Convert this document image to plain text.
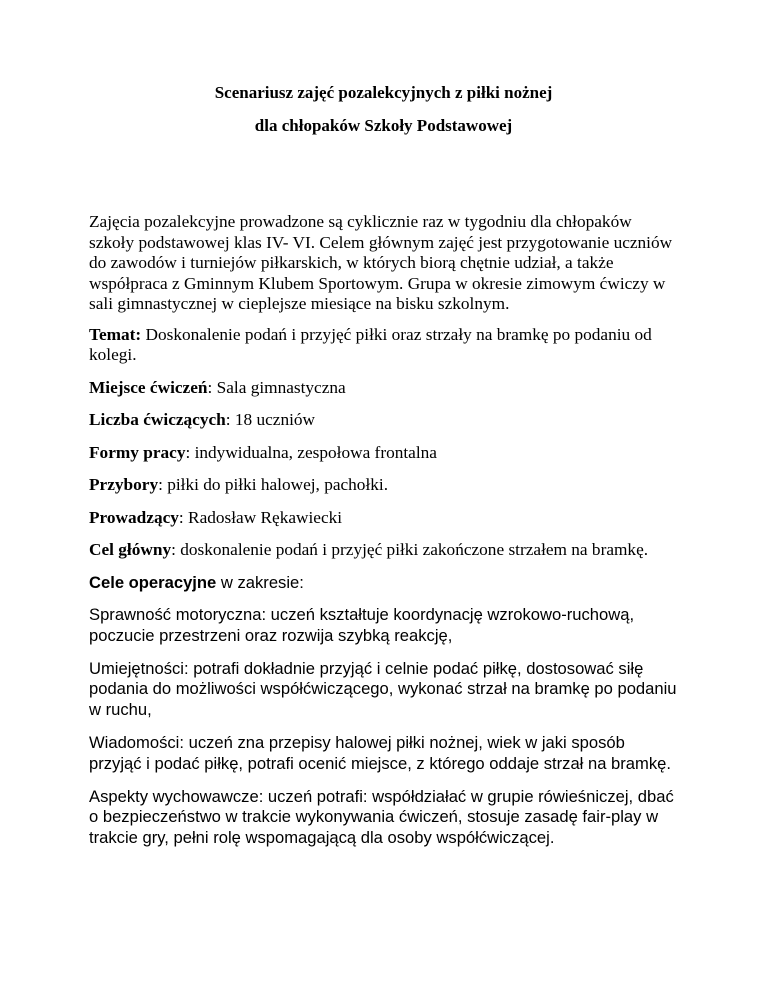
Scenariusz zajęć pozalekcyjnych z piłki nożnej

dla chłopaków Szkoły Podstawowej

Zajęcia pozalekcyjne prowadzone są cyklicznie raz w tygodniu dla chłopaków szkoły podstawowej klas IV- VI. Celem głównym zajęć jest przygotowanie uczniów do zawodów i turniejów piłkarskich, w których biorą chętnie udział, a także współpraca z Gminnym Klubem Sportowym. Grupa w okresie zimowym ćwiczy w sali gimnastycznej w cieplejsze miesiące na bisku szkolnym.

Temat: Doskonalenie podań i przyjęć piłki oraz strzały na bramkę po podaniu od kolegi.

Miejsce ćwiczeń: Sala gimnastyczna

Liczba ćwiczących: 18 uczniów

Formy pracy: indywidualna, zespołowa frontalna

Przybory: piłki do piłki halowej, pachołki.

Prowadzący: Radosław Rękawiecki

Cel główny: doskonalenie podań i przyjęć piłki zakończone strzałem na bramkę.

Cele operacyjne w zakresie:

Sprawność motoryczna: uczeń kształtuje koordynację wzrokowo-ruchową, poczucie przestrzeni oraz rozwija szybką reakcję,

Umiejętności: potrafi dokładnie przyjąć i celnie podać piłkę, dostosować siłę podania do możliwości współćwiczącego, wykonać strzał na bramkę po podaniu w ruchu,

Wiadomości: uczeń zna przepisy halowej piłki nożnej, wiek w jaki sposób przyjąć i podać piłkę, potrafi ocenić miejsce, z którego oddaje strzał na bramkę.

Aspekty wychowawcze: uczeń potrafi: współdziałać w grupie rówieśniczej, dbać o bezpieczeństwo w trakcie wykonywania ćwiczeń, stosuje zasadę fair-play w trakcie gry, pełni rolę wspomagającą dla osoby współćwiczącej.
